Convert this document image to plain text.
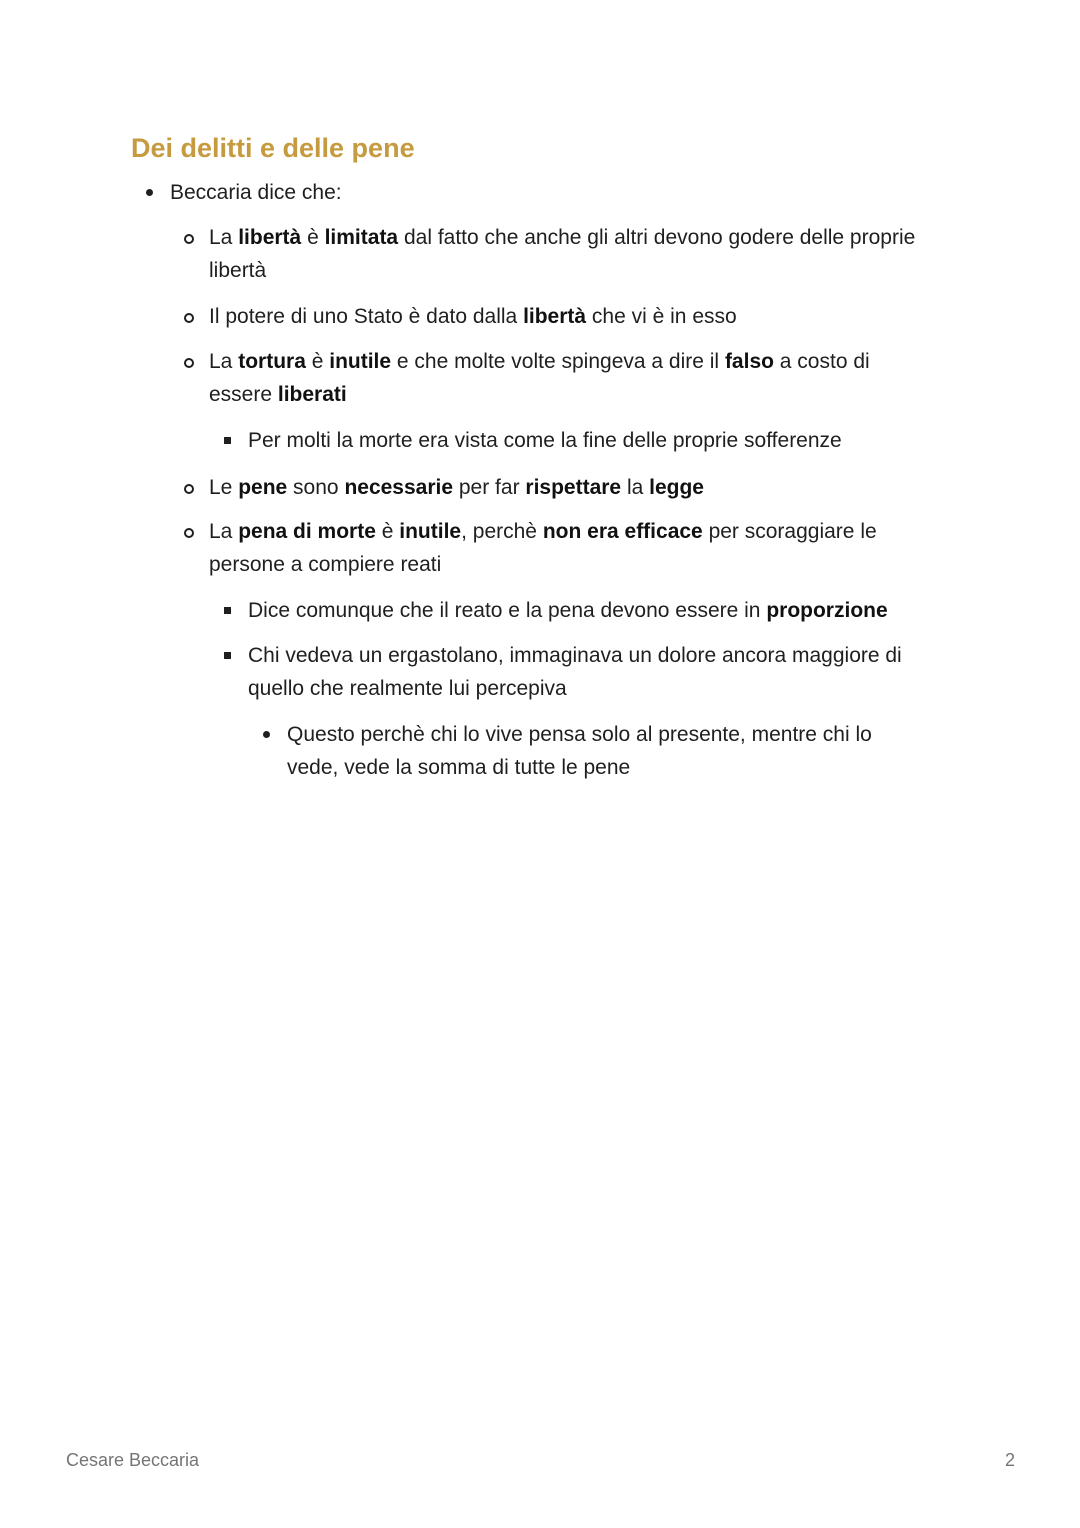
Dei delitti e delle pene
Beccaria dice che:
La libertà è limitata dal fatto che anche gli altri devono godere delle proprie libertà
Il potere di uno Stato è dato dalla libertà che vi è in esso
La tortura è inutile e che molte volte spingeva a dire il falso a costo di essere liberati
Per molti la morte era vista come la fine delle proprie sofferenze
Le pene sono necessarie per far rispettare la legge
La pena di morte è inutile, perchè non era efficace per scoraggiare le persone a compiere reati
Dice comunque che il reato e la pena devono essere in proporzione
Chi vedeva un ergastolano, immaginava un dolore ancora maggiore di quello che realmente lui percepiva
Questo perchè chi lo vive pensa solo al presente, mentre chi lo vede, vede la somma di tutte le pene
Cesare Beccaria	2
